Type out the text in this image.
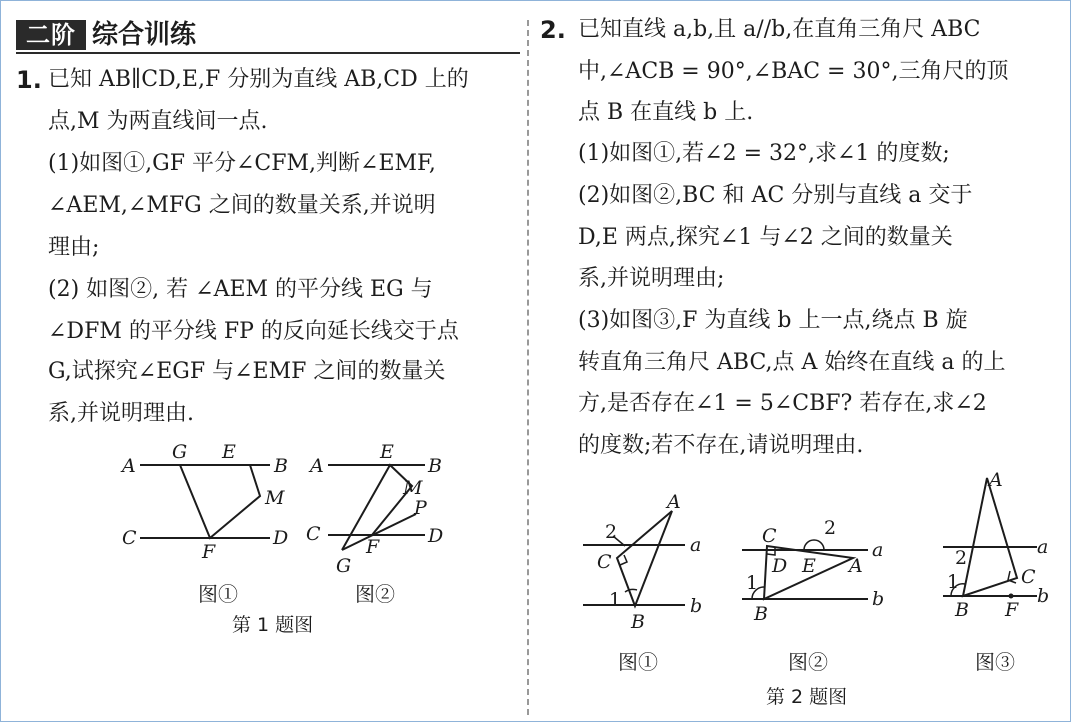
二阶 综合训练
1. 已知 AB∥CD,E,F 分别为直线 AB,CD 上的
点,M 为两直线间一点.
(1)如图①,GF 平分∠CFM,判断∠EMF,
∠AEM,∠MFG 之间的数量关系,并说明
理由;
(2) 如图②, 若 ∠AEM 的平分线 EG 与
∠DFM 的平分线 FP 的反向延长线交于点
G,试探究∠EGF 与∠EMF 之间的数量关
系,并说明理由.
A
G E
B
M
C
F
D
图①
A
E
B
M
P
C
F	D
G
图②
第 1 题图
2. 已知直线 a,b,且 a//b,在直角三角尺 ABC
中,∠ACB = 90°,∠BAC = 30°,三角尺的顶
点 B 在直线 b 上.
(1)如图①,若∠2 = 32°,求∠1 的度数;
(2)如图②,BC 和 AC 分别与直线 a 交于
D,E 两点,探究∠1 与∠2 之间的数量关
系,并说明理由;
(3)如图③,F 为直线 b 上一点,绕点 B 旋
转直角三角尺 ABC,点 A 始终在直线 a 的上
方,是否存在∠1 = 5∠CBF? 若存在,求∠2
的度数;若不存在,请说明理由.
A
a
b
B
C
1
2
图①
C
D E A
a
b
B
1
2
图②
A
a
b
B
C
F
1
2
图③
第 2 题图
